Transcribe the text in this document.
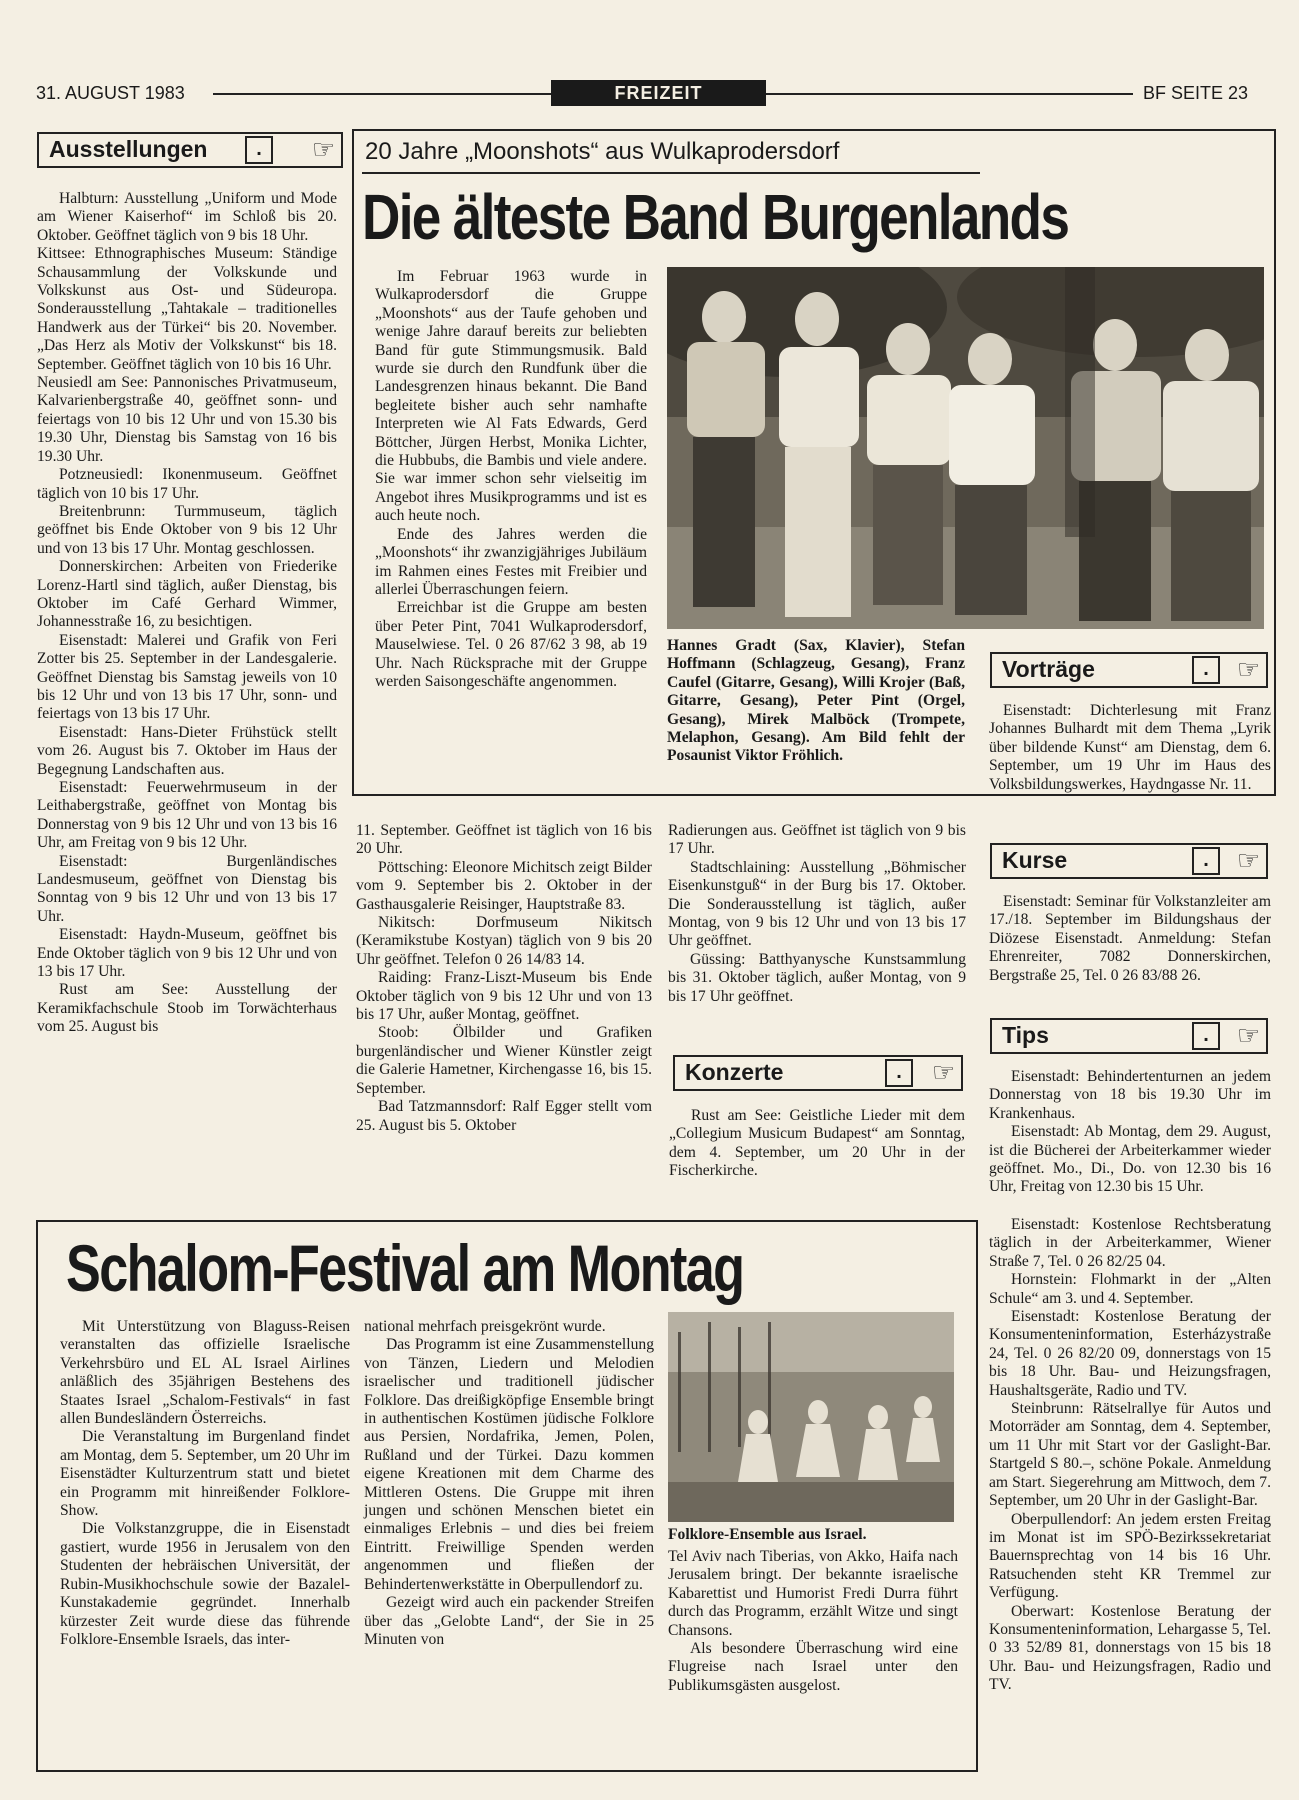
31. AUGUST 1983	FREIZEIT	BF SEITE 23
Ausstellungen	.	☞

Halbturn: Ausstellung „Uniform und Mode am Wiener Kaiserhof“ im Schloß bis 20. Oktober. Geöffnet täglich von 9 bis 18 Uhr.

Kittsee: Ethnographisches Museum: Ständige Schausammlung der Volkskunde und Volkskunst aus Ost- und Südeuropa. Sonderausstellung „Tahtakale – traditionelles Handwerk aus der Türkei“ bis 20. November. „Das Herz als Motiv der Volkskunst“ bis 18. September. Geöffnet täglich von 10 bis 16 Uhr.

Neusiedl am See: Pannonisches Privatmuseum, Kalvarienbergstraße 40, geöffnet sonn- und feiertags von 10 bis 12 Uhr und von 15.30 bis 19.30 Uhr, Dienstag bis Samstag von 16 bis 19.30 Uhr.

Potzneusiedl: Ikonenmuseum. Geöffnet täglich von 10 bis 17 Uhr.

Breitenbrunn: Turmmuseum, täglich geöffnet bis Ende Oktober von 9 bis 12 Uhr und von 13 bis 17 Uhr. Montag geschlossen.

Donnerskirchen: Arbeiten von Friederike Lorenz-Hartl sind täglich, außer Dienstag, bis Oktober im Café Gerhard Wimmer, Johannesstraße 16, zu besichtigen.

Eisenstadt: Malerei und Grafik von Feri Zotter bis 25. September in der Landesgalerie. Geöffnet Dienstag bis Samstag jeweils von 10 bis 12 Uhr und von 13 bis 17 Uhr, sonn- und feiertags von 13 bis 17 Uhr.

Eisenstadt: Hans-Dieter Frühstück stellt vom 26. August bis 7. Oktober im Haus der Begegnung Landschaften aus.

Eisenstadt: Feuerwehrmuseum in der Leithabergstraße, geöffnet von Montag bis Donnerstag von 9 bis 12 Uhr und von 13 bis 16 Uhr, am Freitag von 9 bis 12 Uhr.

Eisenstadt: Burgenländisches Landesmuseum, geöffnet von Dienstag bis Sonntag von 9 bis 12 Uhr und von 13 bis 17 Uhr.

Eisenstadt: Haydn-Museum, geöffnet bis Ende Oktober täglich von 9 bis 12 Uhr und von 13 bis 17 Uhr.

Rust am See: Ausstellung der Keramikfachschule Stoob im Torwächterhaus vom 25. August bis

20 Jahre „Moonshots“ aus Wulkaprodersdorf
Die älteste Band Burgenlands

Im Februar 1963 wurde in Wulkaprodersdorf die Gruppe „Moonshots“ aus der Taufe gehoben und wenige Jahre darauf bereits zur beliebten Band für gute Stimmungsmusik. Bald wurde sie durch den Rundfunk über die Landesgrenzen hinaus bekannt. Die Band begleitete bisher auch sehr namhafte Interpreten wie Al Fats Edwards, Gerd Böttcher, Jürgen Herbst, Monika Lichter, die Hubbubs, die Bambis und viele andere. Sie war immer schon sehr vielseitig im Angebot ihres Musikprogramms und ist es auch heute noch.

Ende des Jahres werden die „Moonshots“ ihr zwanzigjähriges Jubiläum im Rahmen eines Festes mit Freibier und allerlei Überraschungen feiern.

Erreichbar ist die Gruppe am besten über Peter Pint, 7041 Wulkaprodersdorf, Mauselwiese. Tel. 0 26 87/62 3 98, ab 19 Uhr. Nach Rücksprache mit der Gruppe werden Saisongeschäfte angenommen.

Hannes Gradt (Sax, Klavier), Stefan Hoffmann (Schlagzeug, Gesang), Franz Caufel (Gitarre, Gesang), Willi Krojer (Baß, Gitarre, Gesang), Peter Pint (Orgel, Gesang), Mirek Malböck (Trompete, Melaphon, Gesang). Am Bild fehlt der Posaunist Viktor Fröhlich.
Vorträge	.	☞
Eisenstadt: Dichterlesung mit Franz Johannes Bulhardt mit dem Thema „Lyrik über bildende Kunst“ am Dienstag, dem 6. September, um 19 Uhr im Haus des Volksbildungswerkes, Haydngasse Nr. 11.
Kurse	.	☞
Eisenstadt: Seminar für Volkstanzleiter am 17./18. September im Bildungshaus der Diözese Eisenstadt. Anmeldung: Stefan Ehrenreiter, 7082 Donnerskirchen, Bergstraße 25, Tel. 0 26 83/88 26.
Tips	.	☞

Eisenstadt: Behindertenturnen an jedem Donnerstag von 18 bis 19.30 Uhr im Krankenhaus.

Eisenstadt: Ab Montag, dem 29. August, ist die Bücherei der Arbeiterkammer wieder geöffnet. Mo., Di., Do. von 12.30 bis 16 Uhr, Freitag von 12.30 bis 15 Uhr.

11. September. Geöffnet ist täglich von 16 bis 20 Uhr.

Pöttsching: Eleonore Michitsch zeigt Bilder vom 9. September bis 2. Oktober in der Gasthausgalerie Reisinger, Hauptstraße 83.

Nikitsch: Dorfmuseum Nikitsch (Keramikstube Kostyan) täglich von 9 bis 20 Uhr geöffnet. Telefon 0 26 14/83 14.

Raiding: Franz-Liszt-Museum bis Ende Oktober täglich von 9 bis 12 Uhr und von 13 bis 17 Uhr, außer Montag, geöffnet.

Stoob: Ölbilder und Grafiken burgenländischer und Wiener Künstler zeigt die Galerie Hametner, Kirchengasse 16, bis 15. September.

Bad Tatzmannsdorf: Ralf Egger stellt vom 25. August bis 5. Oktober

Radierungen aus. Geöffnet ist täglich von 9 bis 17 Uhr.

Stadtschlaining: Ausstellung „Böhmischer Eisenkunstguß“ in der Burg bis 17. Oktober. Die Sonderausstellung ist täglich, außer Montag, von 9 bis 12 Uhr und von 13 bis 17 Uhr geöffnet.

Güssing: Batthyanysche Kunstsammlung bis 31. Oktober täglich, außer Montag, von 9 bis 17 Uhr geöffnet.

Konzerte	.	☞
Rust am See: Geistliche Lieder mit dem „Collegium Musicum Budapest“ am Sonntag, dem 4. September, um 20 Uhr in der Fischerkirche.
Schalom-Festival am Montag

Mit Unterstützung von Blaguss-Reisen veranstalten das offizielle Israelische Verkehrsbüro und EL AL Israel Airlines anläßlich des 35jährigen Bestehens des Staates Israel „Schalom-Festivals“ in fast allen Bundesländern Österreichs.

Die Veranstaltung im Burgenland findet am Montag, dem 5. September, um 20 Uhr im Eisenstädter Kulturzentrum statt und bietet ein Programm mit hinreißender Folklore-Show.

Die Volkstanzgruppe, die in Eisenstadt gastiert, wurde 1956 in Jerusalem von den Studenten der hebräischen Universität, der Rubin-Musikhochschule sowie der Bazalel-Kunstakademie gegründet. Innerhalb kürzester Zeit wurde diese das führende Folklore-Ensemble Israels, das inter-

national mehrfach preisgekrönt wurde.

Das Programm ist eine Zusammenstellung von Tänzen, Liedern und Melodien israelischer und traditionell jüdischer Folklore. Das dreißigköpfige Ensemble bringt in authentischen Kostümen jüdische Folklore aus Persien, Nordafrika, Jemen, Polen, Rußland und der Türkei. Dazu kommen eigene Kreationen mit dem Charme des Mittleren Ostens. Die Gruppe mit ihren jungen und schönen Menschen bietet ein einmaliges Erlebnis – und dies bei freiem Eintritt. Freiwillige Spenden werden angenommen und fließen der Behindertenwerkstätte in Oberpullendorf zu.

Gezeigt wird auch ein packender Streifen über das „Gelobte Land“, der Sie in 25 Minuten von

Folklore-Ensemble aus Israel.

Tel Aviv nach Tiberias, von Akko, Haifa nach Jerusalem bringt. Der bekannte israelische Kabarettist und Humorist Fredi Durra führt durch das Programm, erzählt Witze und singt Chansons.

Als besondere Überraschung wird eine Flugreise nach Israel unter den Publikumsgästen ausgelost.

Eisenstadt: Kostenlose Rechtsberatung täglich in der Arbeiterkammer, Wiener Straße 7, Tel. 0 26 82/25 04.

Hornstein: Flohmarkt in der „Alten Schule“ am 3. und 4. September.

Eisenstadt: Kostenlose Beratung der Konsumenteninformation, Esterházystraße 24, Tel. 0 26 82/20 09, donnerstags von 15 bis 18 Uhr. Bau- und Heizungsfragen, Haushaltsgeräte, Radio und TV.

Steinbrunn: Rätselrallye für Autos und Motorräder am Sonntag, dem 4. September, um 11 Uhr mit Start vor der Gaslight-Bar. Startgeld S 80.–, schöne Pokale. Anmeldung am Start. Siegerehrung am Mittwoch, dem 7. September, um 20 Uhr in der Gaslight-Bar.

Oberpullendorf: An jedem ersten Freitag im Monat ist im SPÖ-Bezirkssekretariat Bauernsprechtag von 14 bis 16 Uhr. Ratsuchenden steht KR Tremmel zur Verfügung.

Oberwart: Kostenlose Beratung der Konsumenteninformation, Lehargasse 5, Tel. 0 33 52/89 81, donnerstags von 15 bis 18 Uhr. Bau- und Heizungsfragen, Radio und TV.
